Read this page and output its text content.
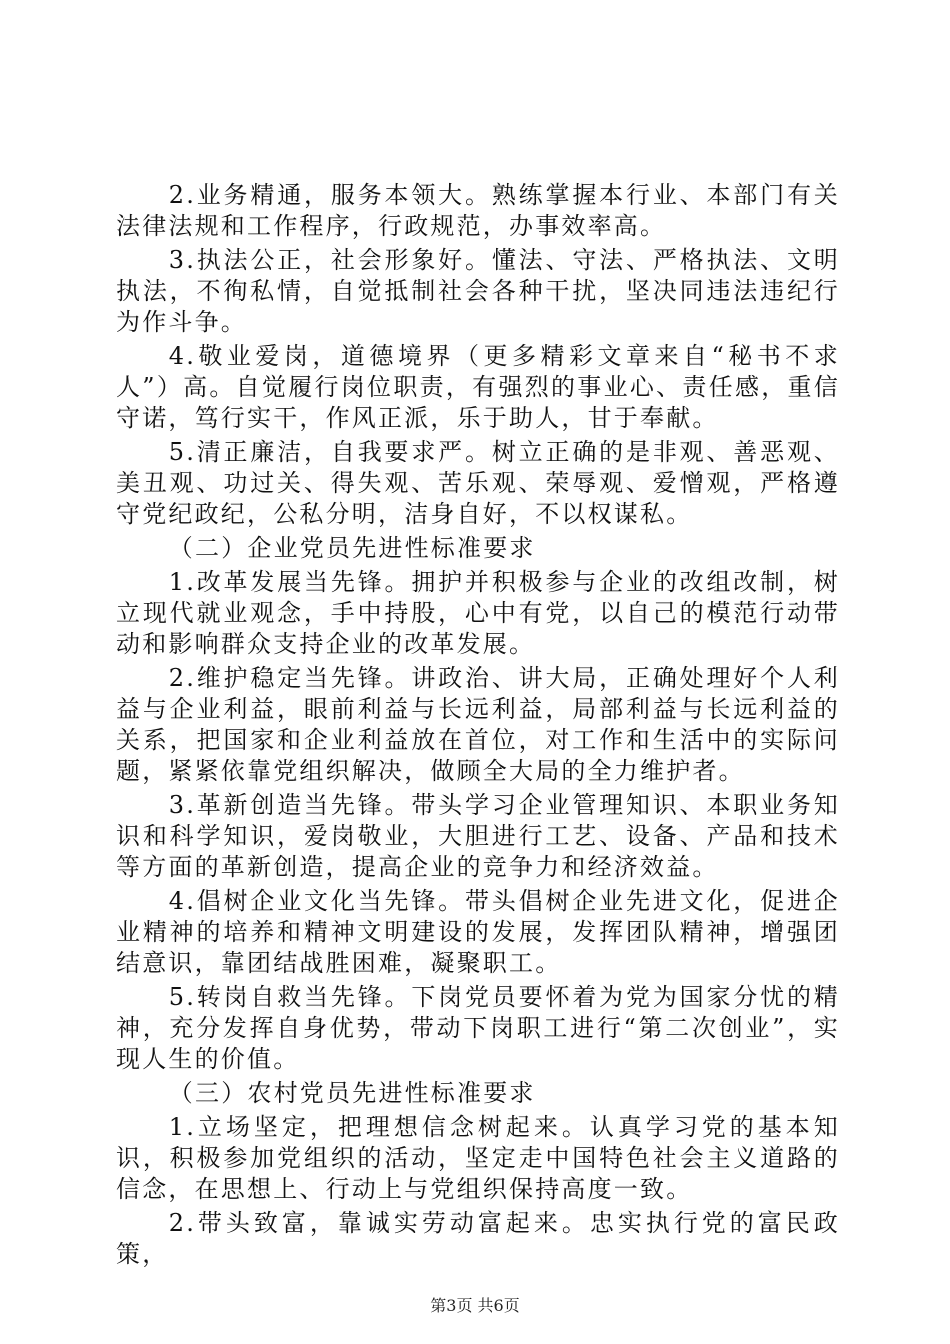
2.业务精通，服务本领大。熟练掌握本行业、本部门有关法律法规和工作程序，行政规范，办事效率高。

3.执法公正，社会形象好。懂法、守法、严格执法、文明执法，不徇私情，自觉抵制社会各种干扰，坚决同违法违纪行为作斗争。

4.敬业爱岗，道德境界（更多精彩文章来自“秘书不求人”）高。自觉履行岗位职责，有强烈的事业心、责任感，重信守诺，笃行实干，作风正派，乐于助人，甘于奉献。

5.清正廉洁，自我要求严。树立正确的是非观、善恶观、美丑观、功过关、得失观、苦乐观、荣辱观、爱憎观，严格遵守党纪政纪，公私分明，洁身自好，不以权谋私。

（二）企业党员先进性标准要求

1.改革发展当先锋。拥护并积极参与企业的改组改制，树立现代就业观念，手中持股，心中有党，以自己的模范行动带动和影响群众支持企业的改革发展。

2.维护稳定当先锋。讲政治、讲大局，正确处理好个人利益与企业利益，眼前利益与长远利益，局部利益与长远利益的关系，把国家和企业利益放在首位，对工作和生活中的实际问题，紧紧依靠党组织解决，做顾全大局的全力维护者。

3.革新创造当先锋。带头学习企业管理知识、本职业务知识和科学知识，爱岗敬业，大胆进行工艺、设备、产品和技术等方面的革新创造，提高企业的竞争力和经济效益。

4.倡树企业文化当先锋。带头倡树企业先进文化，促进企业精神的培养和精神文明建设的发展，发挥团队精神，增强团结意识，靠团结战胜困难，凝聚职工。

5.转岗自救当先锋。下岗党员要怀着为党为国家分忧的精神，充分发挥自身优势，带动下岗职工进行“第二次创业”，实现人生的价值。

（三）农村党员先进性标准要求

1.立场坚定，把理想信念树起来。认真学习党的基本知识，积极参加党组织的活动，坚定走中国特色社会主义道路的信念，在思想上、行动上与党组织保持高度一致。

2.带头致富，靠诚实劳动富起来。忠实执行党的富民政策，

第3页 共6页
